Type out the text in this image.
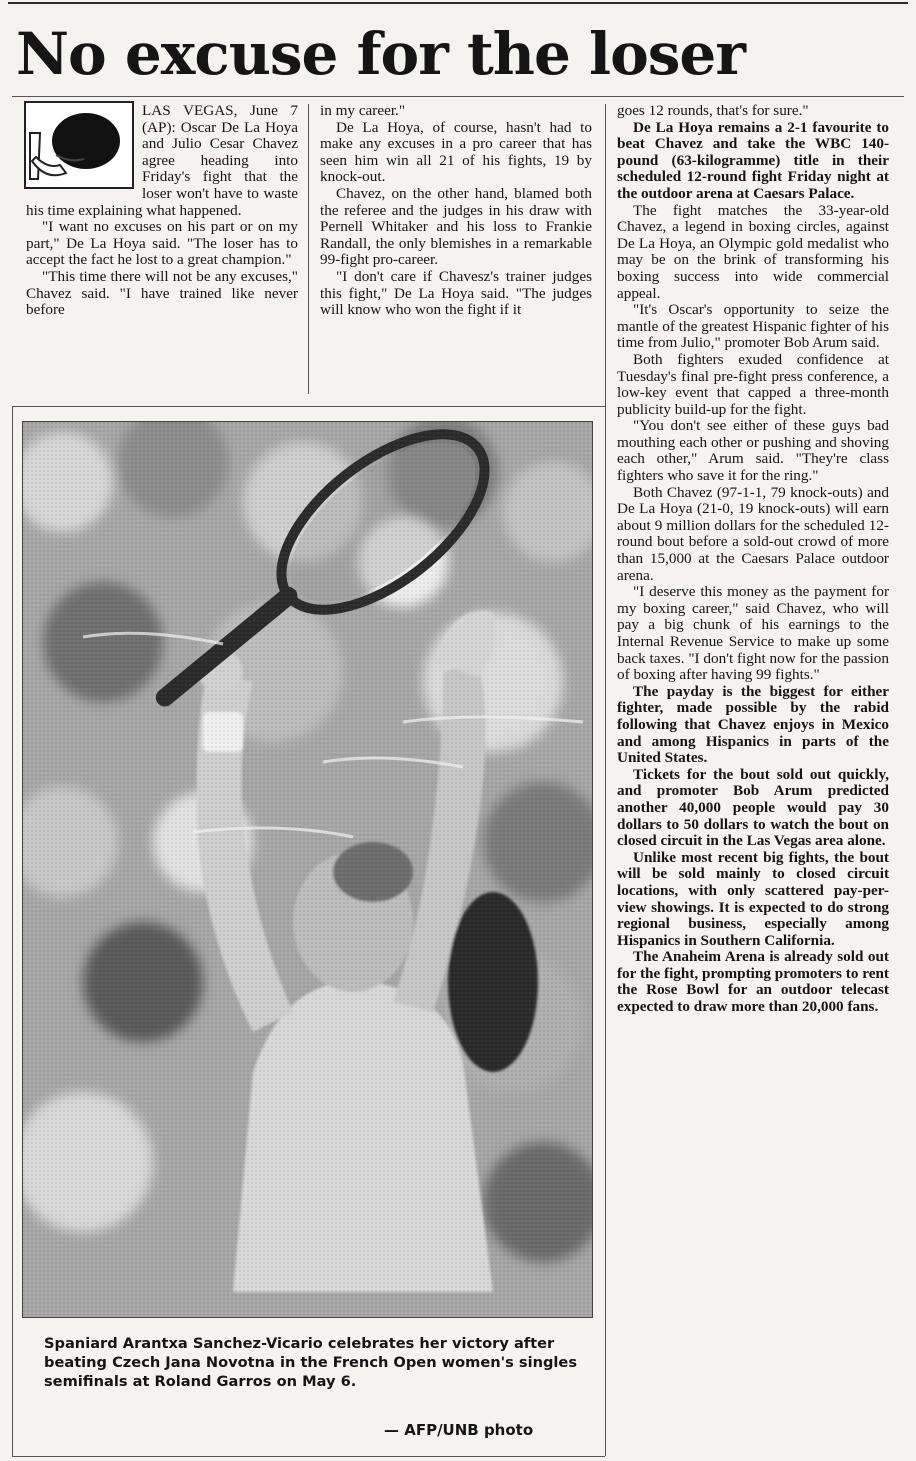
No excuse for the loser

LAS VEGAS, June 7 (AP): Oscar De La Hoya and Julio Cesar Chavez agree heading into Friday's fight that the loser won't have to waste his time explaining what happened.

"I want no excuses on his part or on my part," De La Hoya said. "The loser has to accept the fact he lost to a great champion."

"This time there will not be any excuses," Chavez said. "I have trained like never before

in my career."

De La Hoya, of course, hasn't had to make any excuses in a pro career that has seen him win all 21 of his fights, 19 by knock-out.

Chavez, on the other hand, blamed both the referee and the judges in his draw with Pernell Whitaker and his loss to Frankie Randall, the only blemishes in a remarkable 99-fight pro-career.

"I don't care if Chavesz's trainer judges this fight," De La Hoya said. "The judges will know who won the fight if it

goes 12 rounds, that's for sure."

De La Hoya remains a 2-1 favourite to beat Chavez and take the WBC 140-pound (63-kilogramme) title in their scheduled 12-round fight Friday night at the outdoor arena at Caesars Palace.

The fight matches the 33-year-old Chavez, a legend in boxing circles, against De La Hoya, an Olympic gold medalist who may be on the brink of transforming his boxing success into wide commercial appeal.

"It's Oscar's opportunity to seize the mantle of the greatest Hispanic fighter of his time from Julio," promoter Bob Arum said.

Both fighters exuded confidence at Tuesday's final pre-fight press conference, a low-key event that capped a three-month publicity build-up for the fight.

"You don't see either of these guys bad mouthing each other or pushing and shoving each other," Arum said. "They're class fighters who save it for the ring."

Both Chavez (97-1-1, 79 knock-outs) and De La Hoya (21-0, 19 knock-outs) will earn about 9 million dollars for the scheduled 12-round bout before a sold-out crowd of more than 15,000 at the Caesars Palace outdoor arena.

"I deserve this money as the payment for my boxing career," said Chavez, who will pay a big chunk of his earnings to the Internal Revenue Service to make up some back taxes. "I don't fight now for the passion of boxing after having 99 fights."

The payday is the biggest for either fighter, made possible by the rabid following that Chavez enjoys in Mexico and among Hispanics in parts of the United States.

Tickets for the bout sold out quickly, and promoter Bob Arum predicted another 40,000 people would pay 30 dollars to 50 dollars to watch the bout on closed circuit in the Las Vegas area alone.

Unlike most recent big fights, the bout will be sold mainly to closed circuit locations, with only scattered pay-per-view showings. It is expected to do strong regional business, especially among Hispanics in Southern California.

The Anaheim Arena is already sold out for the fight, prompting promoters to rent the Rose Bowl for an outdoor telecast expected to draw more than 20,000 fans.

Spaniard Arantxa Sanchez-Vicario celebrates her victory after beating Czech Jana Novotna in the French Open women's singles semifinals at Roland Garros on May 6.

— AFP/UNB photo
